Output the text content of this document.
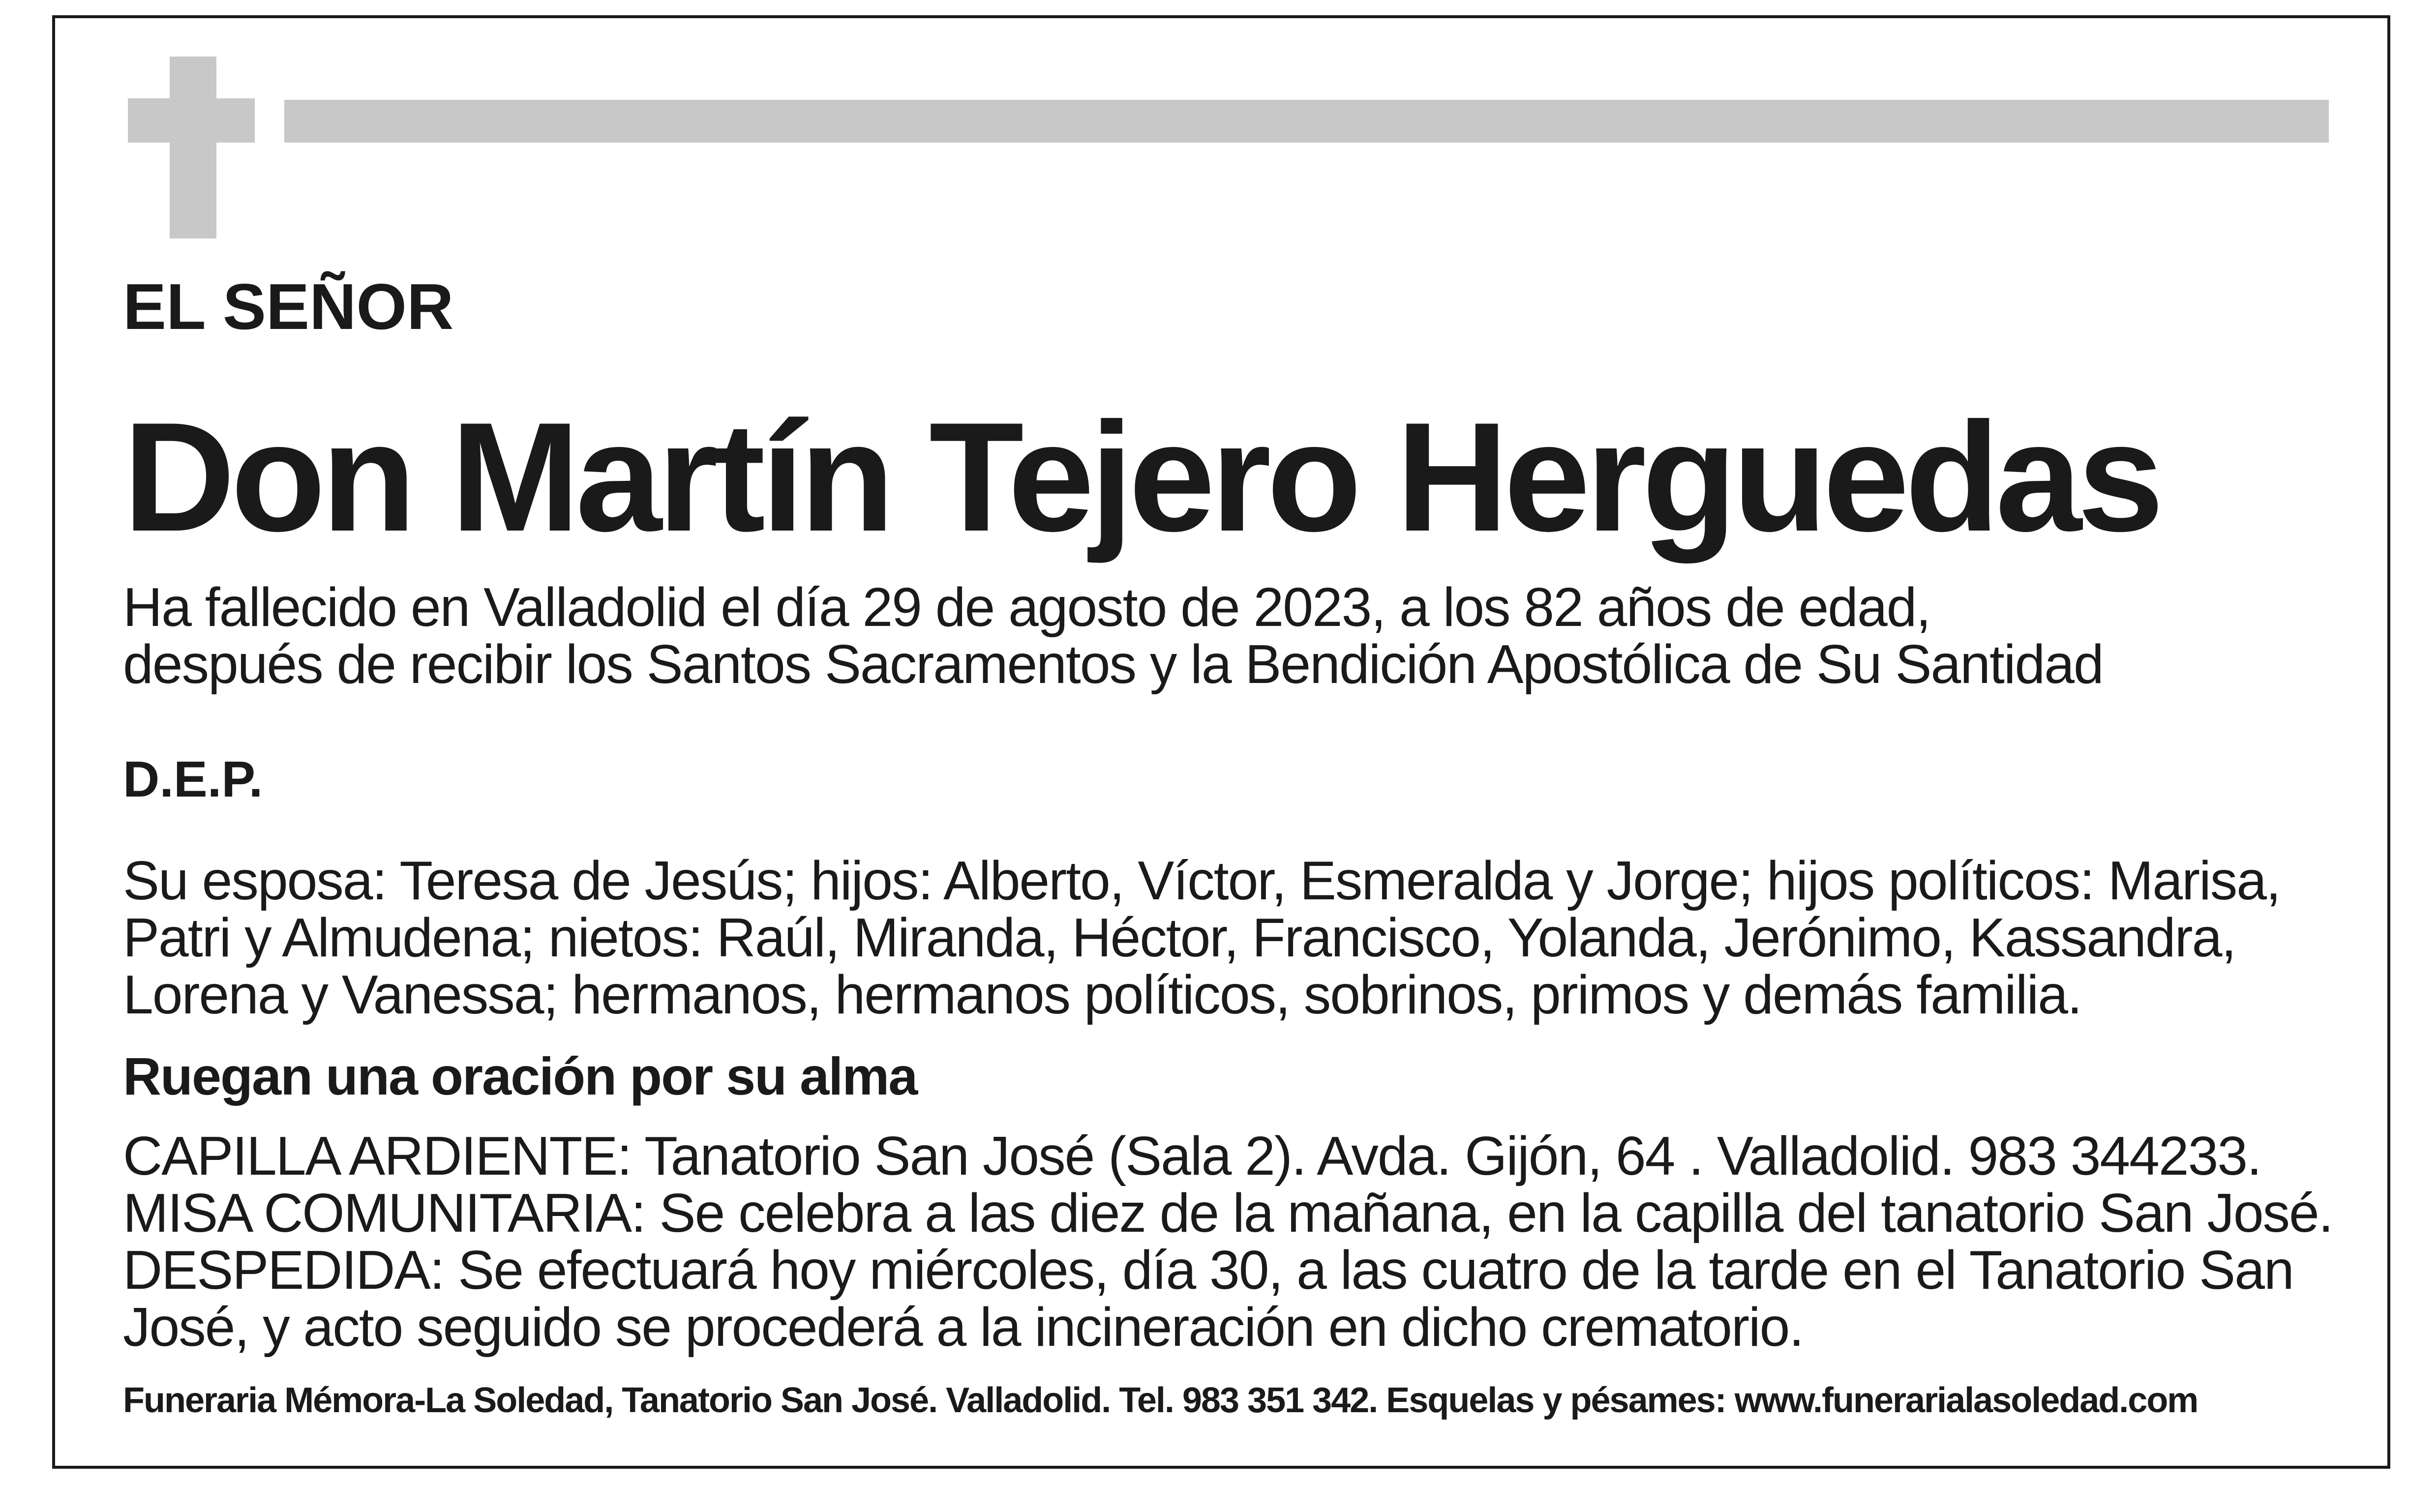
EL SEÑOR
Don Martín Tejero Herguedas
Ha fallecido en Valladolid el día 29 de agosto de 2023, a los 82 años de edad,
después de recibir los Santos Sacramentos y la Bendición Apostólica de Su Santidad
D.E.P.
Su esposa: Teresa de Jesús; hijos: Alberto, Víctor, Esmeralda y Jorge; hijos políticos: Marisa,
Patri y Almudena; nietos: Raúl, Miranda, Héctor, Francisco, Yolanda, Jerónimo, Kassandra,
Lorena y Vanessa; hermanos, hermanos políticos, sobrinos, primos y demás familia.
Ruegan una oración por su alma
CAPILLA ARDIENTE: Tanatorio San José (Sala 2). Avda. Gijón, 64 . Valladolid. 983 344233.
MISA COMUNITARIA: Se celebra a las diez de la mañana, en la capilla del tanatorio San José.
DESPEDIDA: Se efectuará hoy miércoles, día 30, a las cuatro de la tarde en el Tanatorio San
José, y acto seguido se procederá a la incineración en dicho crematorio.
Funeraria Mémora-La Soledad, Tanatorio San José. Valladolid. Tel. 983 351 342. Esquelas y pésames: www.funerarialasoledad.com
